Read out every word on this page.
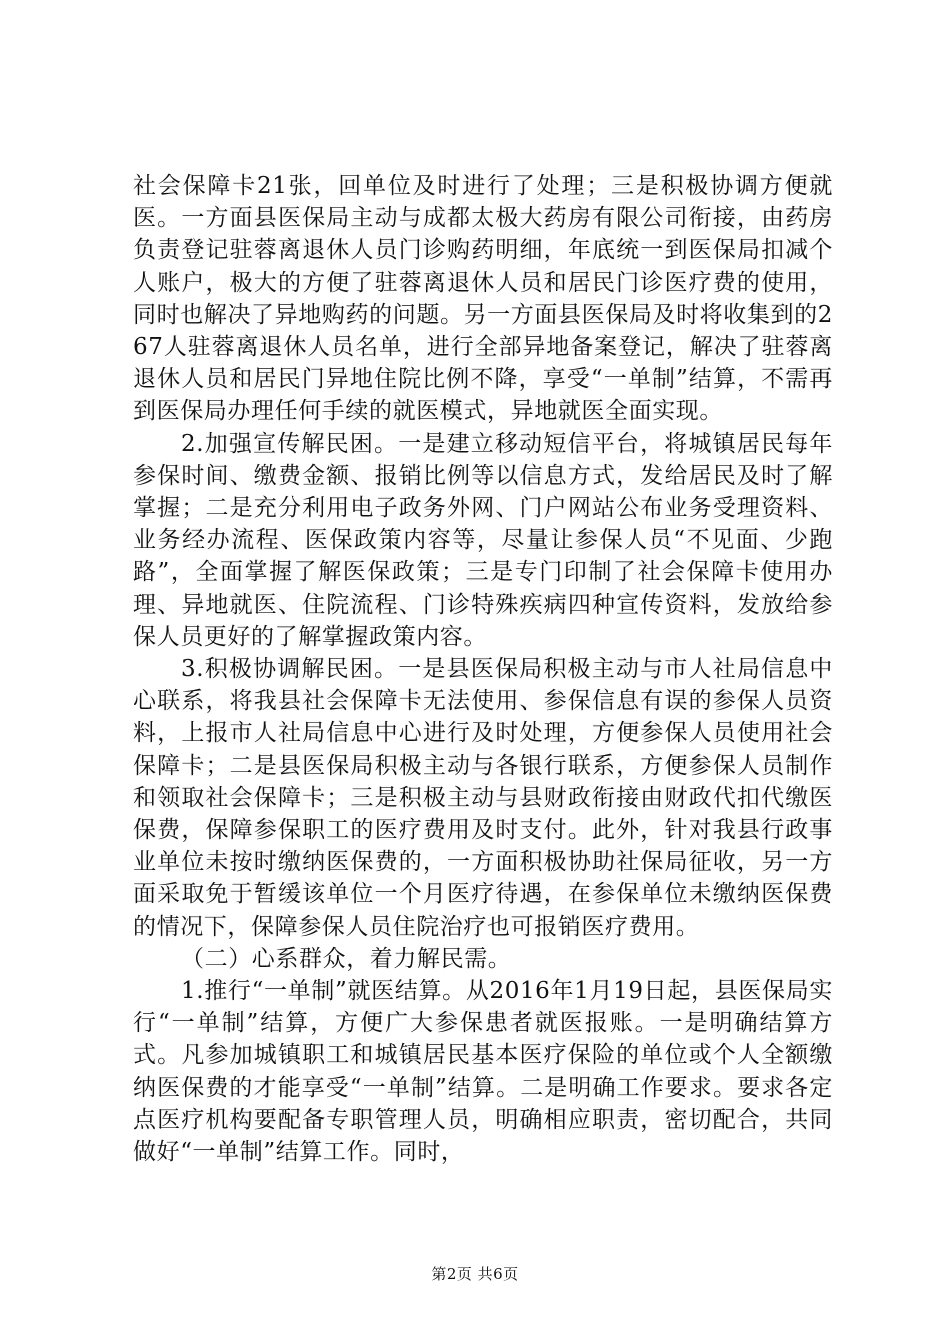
社会保障卡21张，回单位及时进行了处理；三是积极协调方便就医。一方面县医保局主动与成都太极大药房有限公司衔接，由药房负责登记驻蓉离退休人员门诊购药明细，年底统一到医保局扣减个人账户，极大的方便了驻蓉离退休人员和居民门诊医疗费的使用，同时也解决了异地购药的问题。另一方面县医保局及时将收集到的267人驻蓉离退休人员名单，进行全部异地备案登记，解决了驻蓉离退休人员和居民门异地住院比例不降，享受“一单制”结算，不需再到医保局办理任何手续的就医模式，异地就医全面实现。

2.加强宣传解民困。一是建立移动短信平台，将城镇居民每年参保时间、缴费金额、报销比例等以信息方式，发给居民及时了解掌握；二是充分利用电子政务外网、门户网站公布业务受理资料、业务经办流程、医保政策内容等，尽量让参保人员“不见面、少跑路”，全面掌握了解医保政策；三是专门印制了社会保障卡使用办理、异地就医、住院流程、门诊特殊疾病四种宣传资料，发放给参保人员更好的了解掌握政策内容。

3.积极协调解民困。一是县医保局积极主动与市人社局信息中心联系，将我县社会保障卡无法使用、参保信息有误的参保人员资料，上报市人社局信息中心进行及时处理，方便参保人员使用社会保障卡；二是县医保局积极主动与各银行联系，方便参保人员制作和领取社会保障卡；三是积极主动与县财政衔接由财政代扣代缴医保费，保障参保职工的医疗费用及时支付。此外，针对我县行政事业单位未按时缴纳医保费的，一方面积极协助社保局征收，另一方面采取免于暂缓该单位一个月医疗待遇，在参保单位未缴纳医保费的情况下，保障参保人员住院治疗也可报销医疗费用。

（二）心系群众，着力解民需。

1.推行“一单制”就医结算。从2016年1月19日起，县医保局实行“一单制”结算，方便广大参保患者就医报账。一是明确结算方式。凡参加城镇职工和城镇居民基本医疗保险的单位或个人全额缴纳医保费的才能享受“一单制”结算。二是明确工作要求。要求各定点医疗机构要配备专职管理人员，明确相应职责，密切配合，共同做好“一单制”结算工作。同时，

第2页 共6页
